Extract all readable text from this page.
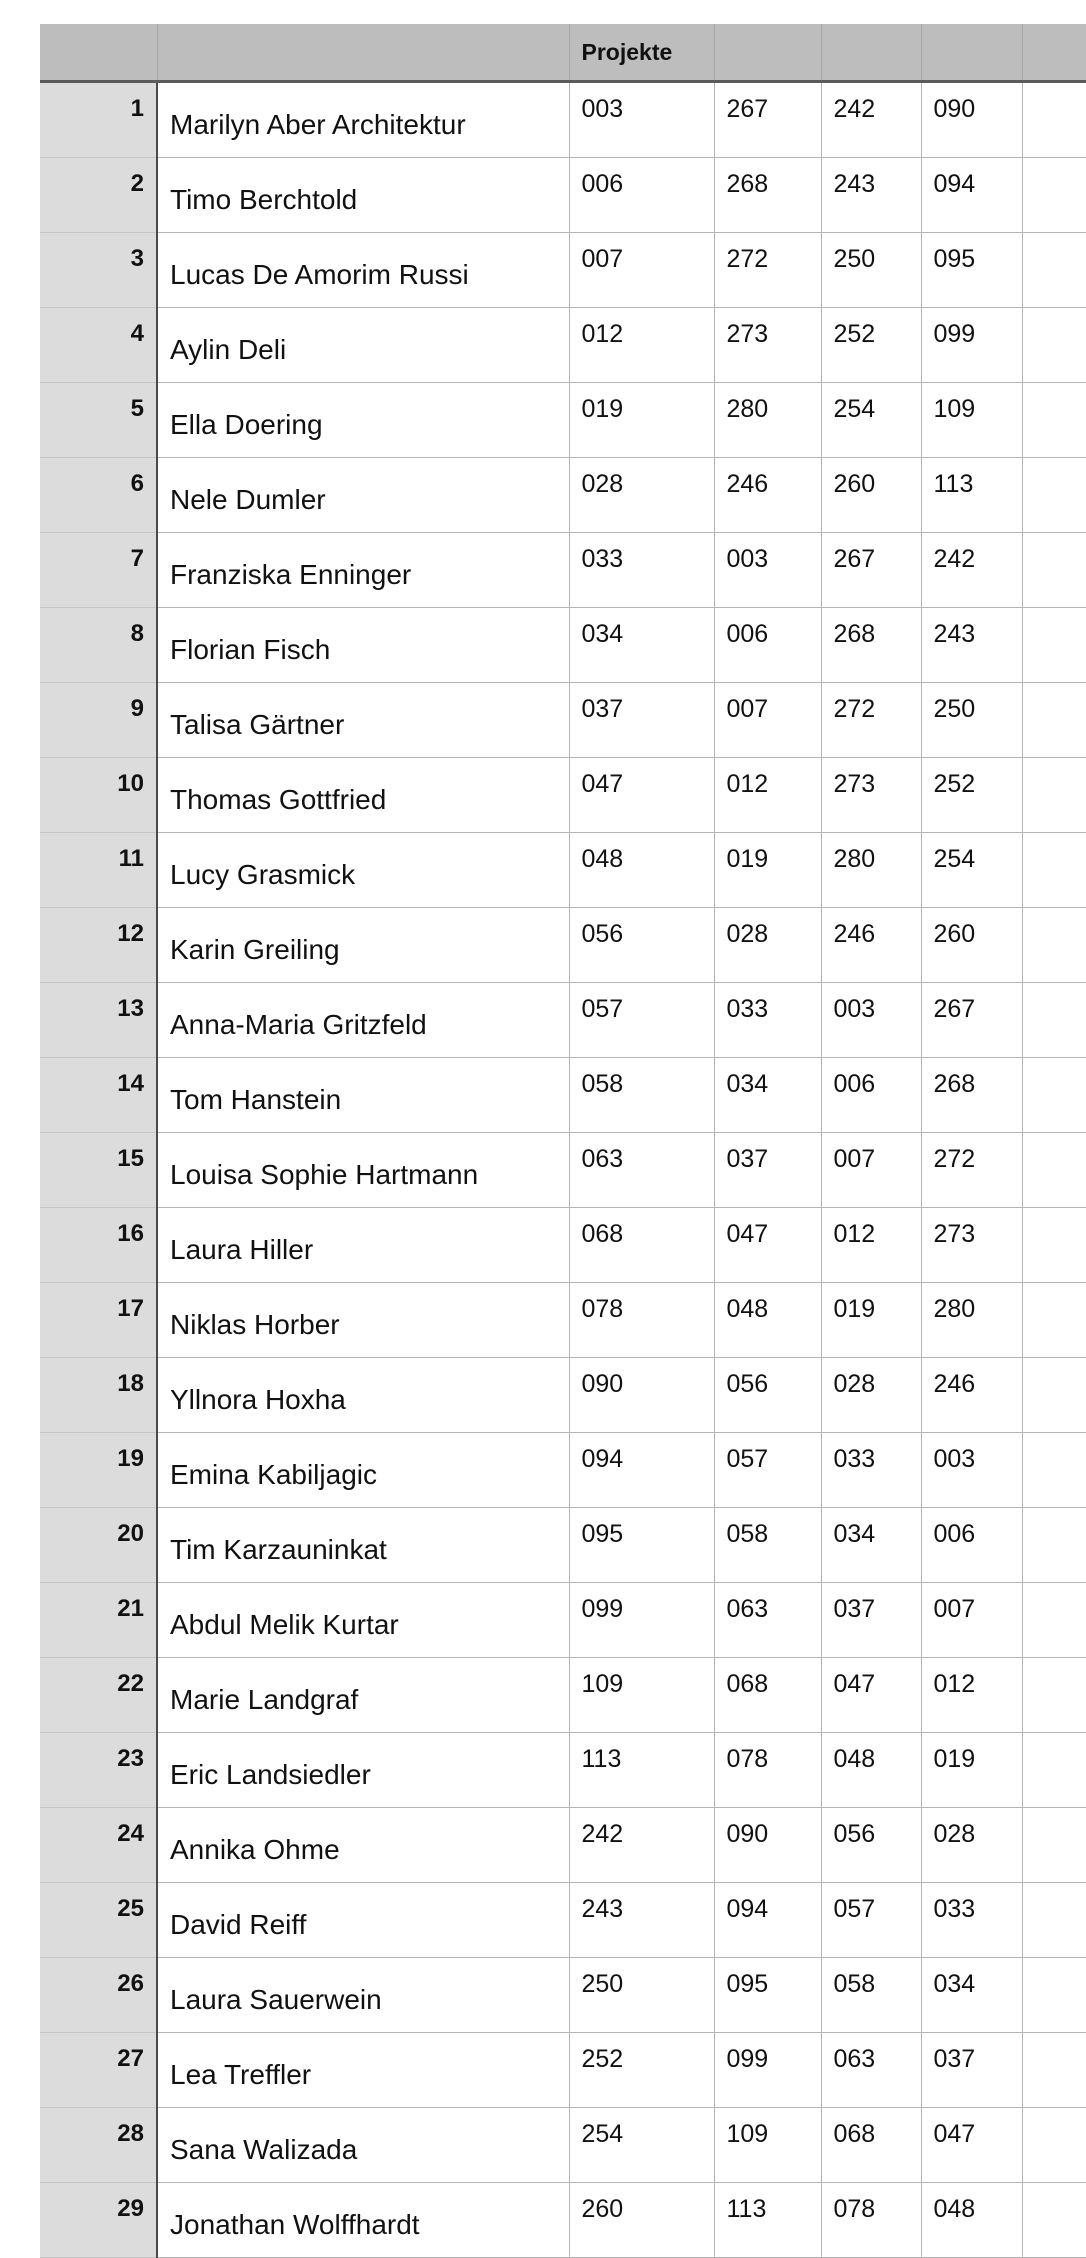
		Projekte				
1	Marilyn Aber Architektur	003	267	242	090	
2	Timo Berchtold	006	268	243	094	
3	Lucas De Amorim Russi	007	272	250	095	
4	Aylin Deli	012	273	252	099	
5	Ella Doering	019	280	254	109	
6	Nele Dumler	028	246	260	113	
7	Franziska Enninger	033	003	267	242	
8	Florian Fisch	034	006	268	243	
9	Talisa Gärtner	037	007	272	250	
10	Thomas Gottfried	047	012	273	252	
11	Lucy Grasmick	048	019	280	254	
12	Karin Greiling	056	028	246	260	
13	Anna-Maria Gritzfeld	057	033	003	267	
14	Tom Hanstein	058	034	006	268	
15	Louisa Sophie Hartmann	063	037	007	272	
16	Laura Hiller	068	047	012	273	
17	Niklas Horber	078	048	019	280	
18	Yllnora Hoxha	090	056	028	246	
19	Emina Kabiljagic	094	057	033	003	
20	Tim Karzauninkat	095	058	034	006	
21	Abdul Melik Kurtar	099	063	037	007	
22	Marie Landgraf	109	068	047	012	
23	Eric Landsiedler	113	078	048	019	
24	Annika Ohme	242	090	056	028	
25	David Reiff	243	094	057	033	
26	Laura Sauerwein	250	095	058	034	
27	Lea Treffler	252	099	063	037	
28	Sana Walizada	254	109	068	047	
29	Jonathan Wolffhardt	260	113	078	048	
